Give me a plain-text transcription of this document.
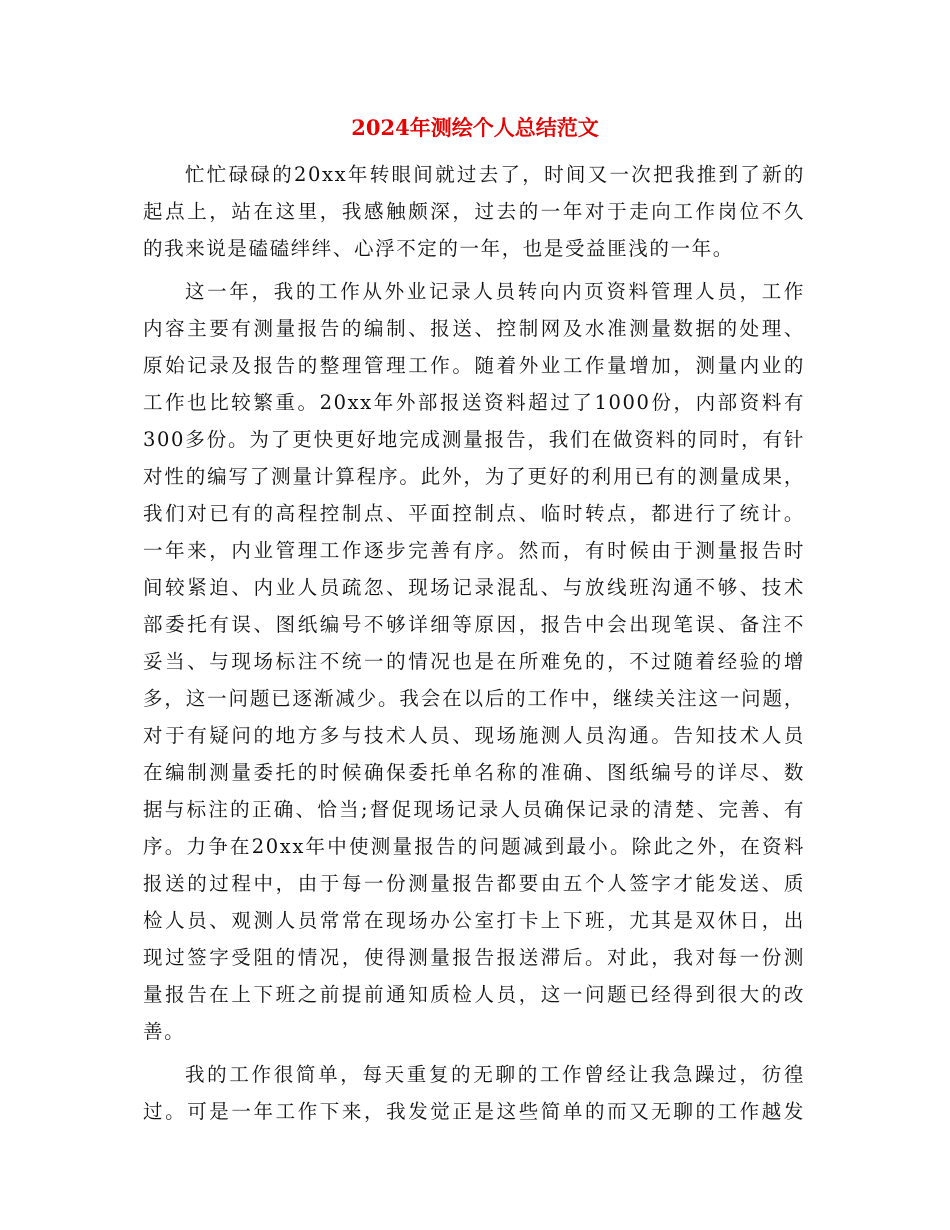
2024年测绘个人总结范文
忙忙碌碌的20xx年转眼间就过去了，时间又一次把我推到了新的
起点上，站在这里，我感触颇深，过去的一年对于走向工作岗位不久
的我来说是磕磕绊绊、心浮不定的一年，也是受益匪浅的一年。
这一年，我的工作从外业记录人员转向内页资料管理人员，工作
内容主要有测量报告的编制、报送、控制网及水准测量数据的处理、
原始记录及报告的整理管理工作。随着外业工作量增加，测量内业的
工作也比较繁重。20xx年外部报送资料超过了1000份，内部资料有
300多份。为了更快更好地完成测量报告，我们在做资料的同时，有针
对性的编写了测量计算程序。此外，为了更好的利用已有的测量成果，
我们对已有的高程控制点、平面控制点、临时转点，都进行了统计。
一年来，内业管理工作逐步完善有序。然而，有时候由于测量报告时
间较紧迫、内业人员疏忽、现场记录混乱、与放线班沟通不够、技术
部委托有误、图纸编号不够详细等原因，报告中会出现笔误、备注不
妥当、与现场标注不统一的情况也是在所难免的，不过随着经验的增
多，这一问题已逐渐减少。我会在以后的工作中，继续关注这一问题，
对于有疑问的地方多与技术人员、现场施测人员沟通。告知技术人员
在编制测量委托的时候确保委托单名称的准确、图纸编号的详尽、数
据与标注的正确、恰当;督促现场记录人员确保记录的清楚、完善、有
序。力争在20xx年中使测量报告的问题减到最小。除此之外，在资料
报送的过程中，由于每一份测量报告都要由五个人签字才能发送、质
检人员、观测人员常常在现场办公室打卡上下班，尤其是双休日，出
现过签字受阻的情况，使得测量报告报送滞后。对此，我对每一份测
量报告在上下班之前提前通知质检人员，这一问题已经得到很大的改
善。
我的工作很简单，每天重复的无聊的工作曾经让我急躁过，彷徨
过。可是一年工作下来，我发觉正是这些简单的而又无聊的工作越发
